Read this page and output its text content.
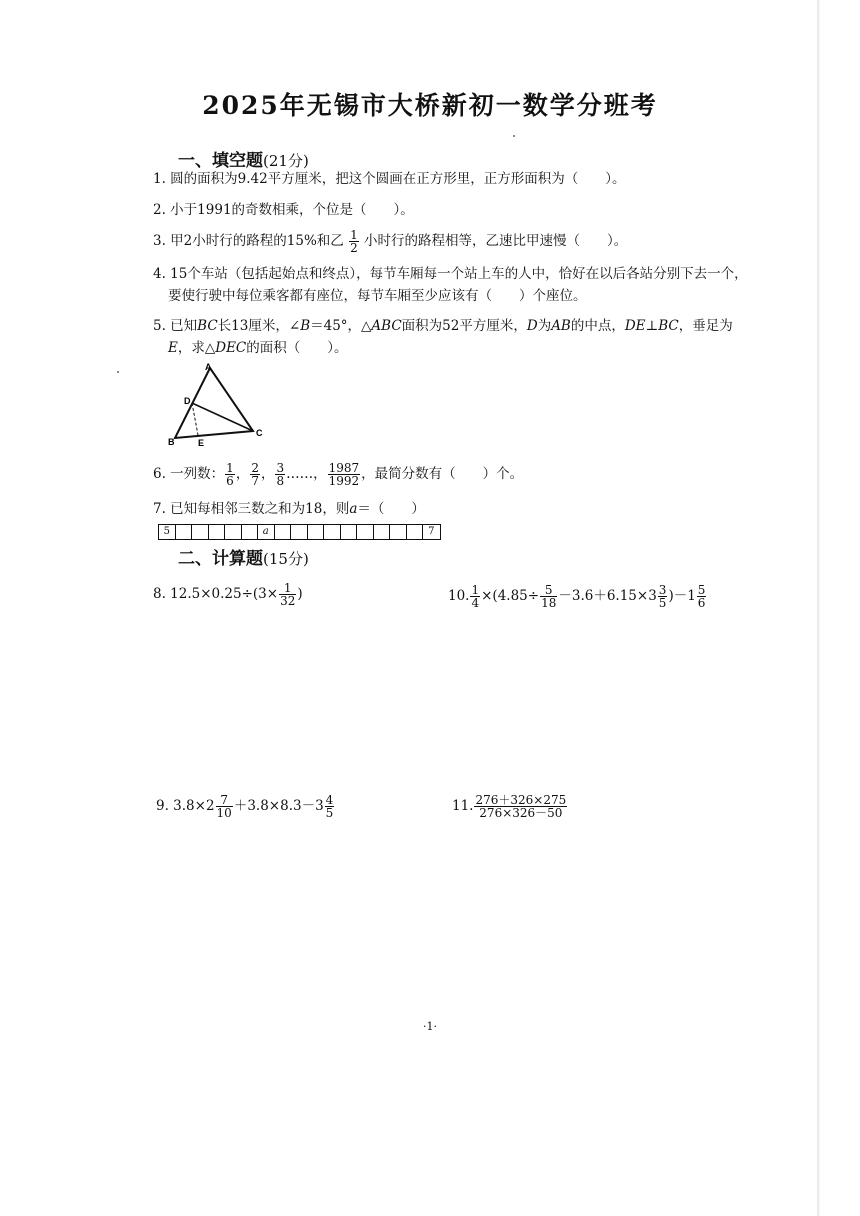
2025年无锡市大桥新初一数学分班考
一、填空题(21分)
1. 圆的面积为9.42平方厘米，把这个圆画在正方形里，正方形面积为（　　）。
2. 小于1991的奇数相乘，个位是（　　）。
3. 甲2小时行的路程的15%和乙 $\frac{1}{2}$ 小时行的路程相等，乙速比甲速慢（　　）。
4. 15个车站（包括起始点和终点），每节车厢每一个站上车的人中，恰好在以后各站分别下去一个，
要使行驶中每位乘客都有座位，每节车厢至少应该有（　　）个座位。
5. 已知BC长13厘米，∠B＝45°，△ABC面积为52平方厘米，D为AB的中点，DE⊥BC，垂足为
E，求△DEC的面积（　　）。
A
D
B	E
C
6. 一列数： $\frac{1}{6}$ ， $\frac{2}{7}$ ， $\frac{3}{8}$ ……， $\frac{1987}{1992}$ ，最简分数有（　　）个。
7. 已知每相邻三数之和为18，则a＝（　　）
5	a	7
二、计算题(15分)
8. $12.5\times 0.25\div(3\times \frac{1}{32}$ )	10. $\frac{1}{4} \times(4.85\div \frac{5}{18} -3.6+6.15\times 3 \frac{3}{5} )-1 \frac{5}{6}$
9. $3.8\times 2 \frac{7}{10} +3.8\times 8.3-3 \frac{4}{5}$	11. $\frac{276+326\times 275}{276\times 326-50}$
·1·
